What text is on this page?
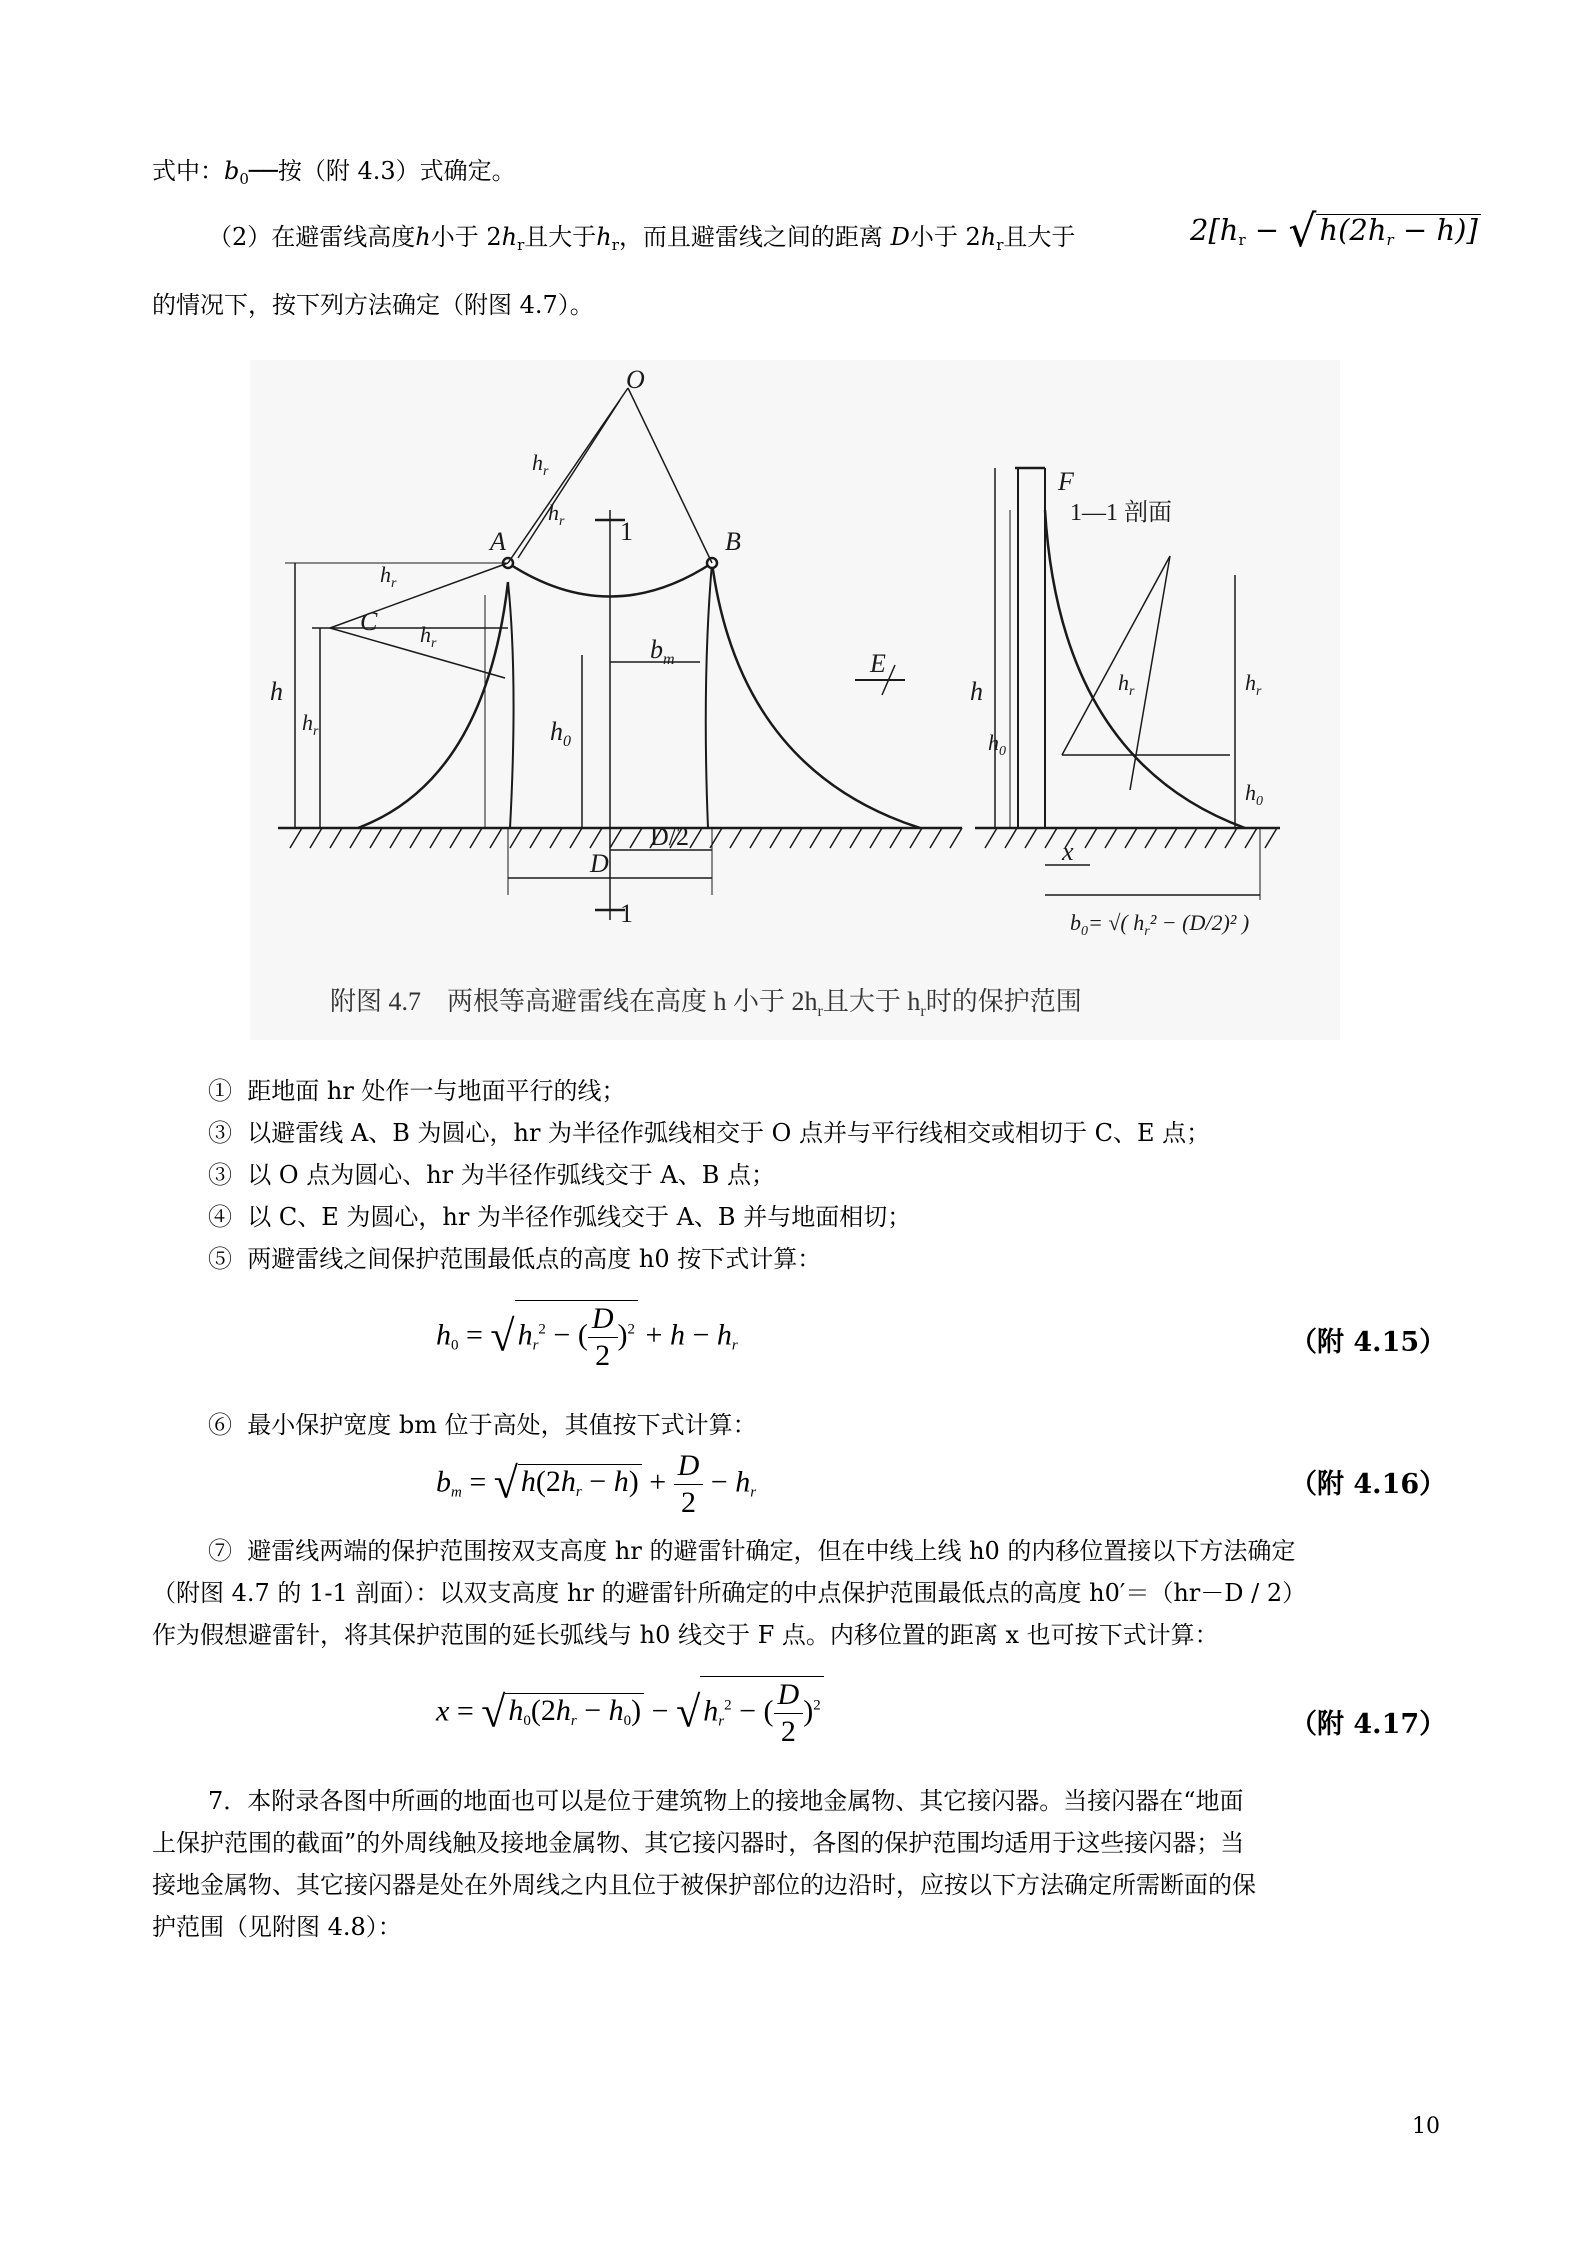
式中：$b_0──$按（附 4.3）式确定。
（2）在避雷线高度h小于 $2h_r$且大于$h_r$，而且避雷线之间的距离 D小于 $2h_r$且大于	$2[h_r$ − √ $h(2h_r - h)$]
的情况下，按下列方法确定（附图 4.7）。
O
A	B
C
E
F
1
1
D
D/2
$b_m$
$h_r$
$h_r$
$h_r$
$h_r$
h
$h_r$	$h_0$
h
$h_0$
$h_r$	$h_r$
$h_0$
x
$b_0=$ √( $h_r^2 - (D/2)^2$ )
1—1 剖面
附图 4.7　两根等高避雷线在高度 h 小于 $2h_r$且大于 $h_r$时的保护范围
① 距地面 hr 处作一与地面平行的线；
③ 以避雷线 A、B 为圆心，hr 为半径作弧线相交于 O 点并与平行线相交或相切于 C、E 点；
③ 以 O 点为圆心、hr 为半径作弧线交于 A、B 点；
④ 以 C、E 为圆心，hr 为半径作弧线交于 A、B 并与地面相切；
⑤ 两避雷线之间保护范围最低点的高度 h0 按下式计算：
$h_0$ = √ $h_r^2$ − ( $\frac{D}{2} )^2 + h - h_r$	（附 4.15）
⑥ 最小保护宽度 bm 位于高处，其值按下式计算：
$b_m$ = √ $h(2h_r - h) + \frac{D}{2} - h_r$	（附 4.16）
⑦ 避雷线两端的保护范围按双支高度 hr 的避雷针确定，但在中线上线 h0 的内移位置接以下方法确定
（附图 4.7 的 1-1 剖面）：以双支高度 hr 的避雷针所确定的中点保护范围最低点的高度 h0′＝（hr－D / 2）
作为假想避雷针，将其保护范围的延长弧线与 h0 线交于 F 点。内移位置的距离 x 也可按下式计算：
x = √ $h_0(2h_r - h_0)$ − √ $h_r^2$ − ( $\frac{D}{2} )^2$
（附 4.17）
7．本附录各图中所画的地面也可以是位于建筑物上的接地金属物、其它接闪器。当接闪器在“地面
上保护范围的截面”的外周线触及接地金属物、其它接闪器时，各图的保护范围均适用于这些接闪器；当
接地金属物、其它接闪器是处在外周线之内且位于被保护部位的边沿时，应按以下方法确定所需断面的保
护范围（见附图 4.8）：
10
